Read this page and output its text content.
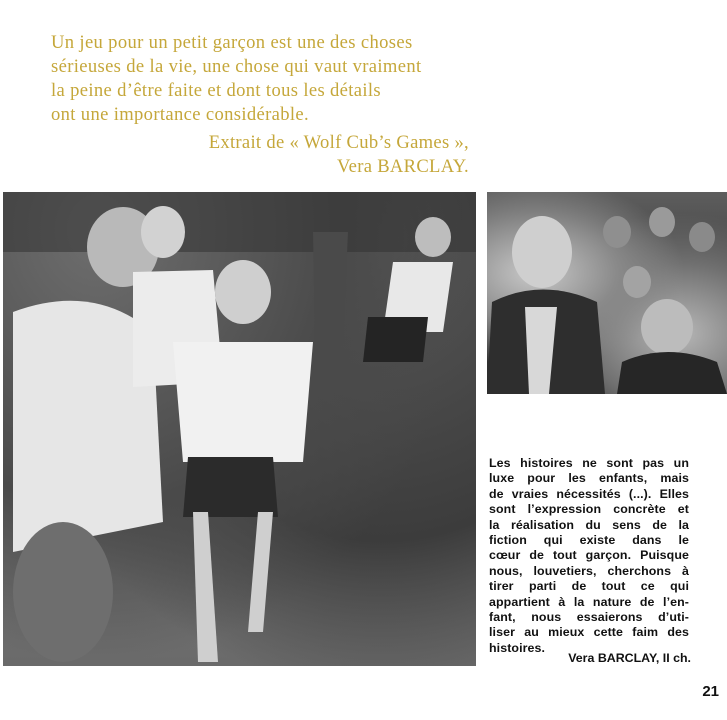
Un jeu pour un petit garçon est une des choses
sérieuses de la vie, une chose qui vaut vraiment
la peine d’être faite et dont tous les détails
ont une importance considérable.
Extrait de « Wolf Cub’s Games »,
Vera BARCLAY.
Les histoires ne sont pas un
luxe pour les enfants, mais
de vraies nécessités (...). Elles
sont l’expression concrète et
la réalisation du sens de la
fiction qui existe dans le
cœur de tout garçon. Puisque
nous, louvetiers, cherchons à
tirer parti de tout ce qui
appartient à la nature de l’en-
fant, nous essaierons d’uti-
liser au mieux cette faim des
histoires.
Vera BARCLAY, II ch.
21
